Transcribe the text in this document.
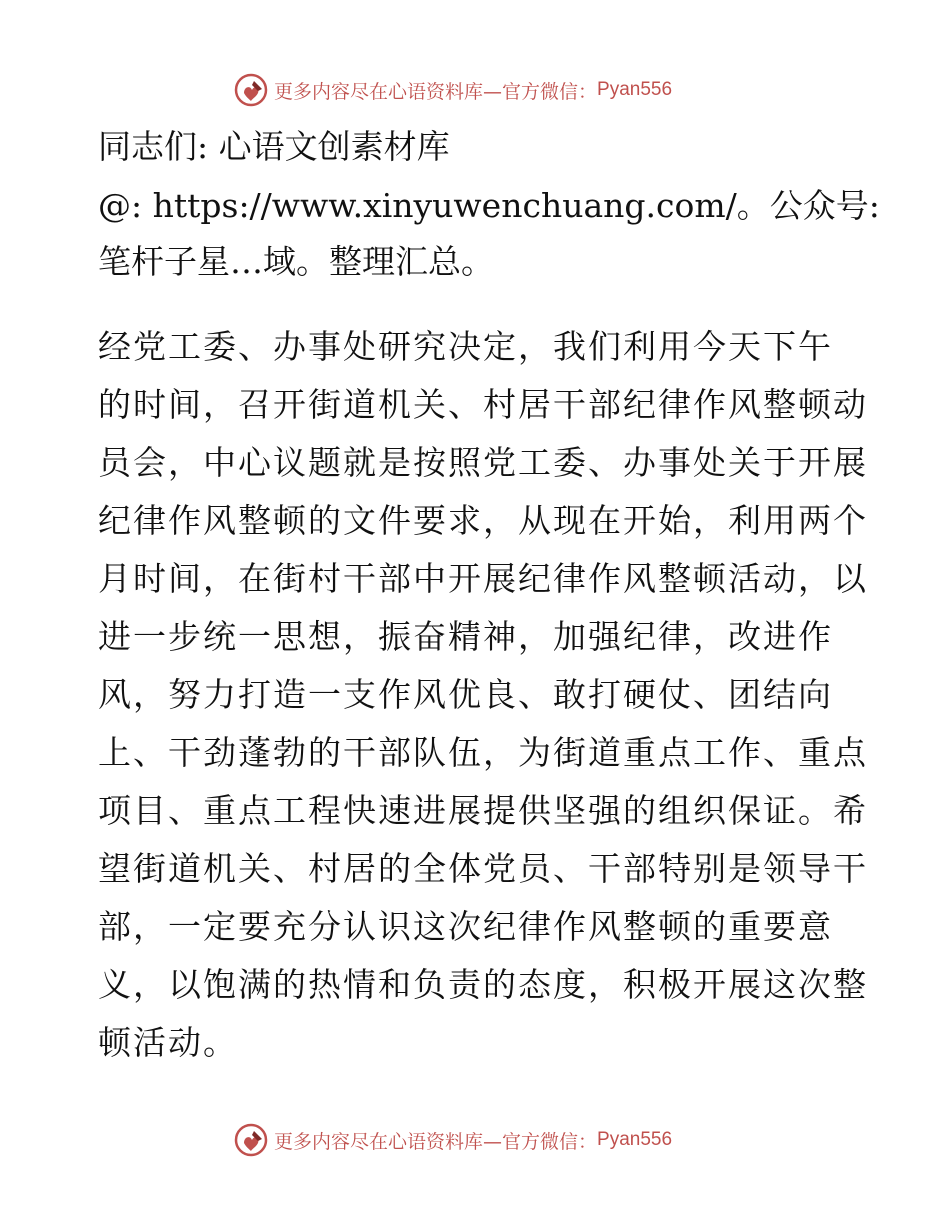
更多内容尽在心语资料库—官方微信： Pyan556
同志们: 心语文创素材库
@: https://www.xinyuwenchuang.com/。公众号:
笔杆子星…域。整理汇总。
经党工委、办事处研究决定，我们利用今天下午
的时间，召开街道机关、村居干部纪律作风整顿动
员会，中心议题就是按照党工委、办事处关于开展
纪律作风整顿的文件要求，从现在开始，利用两个
月时间，在街村干部中开展纪律作风整顿活动，以
进一步统一思想，振奋精神，加强纪律，改进作
风，努力打造一支作风优良、敢打硬仗、团结向
上、干劲蓬勃的干部队伍，为街道重点工作、重点
项目、重点工程快速进展提供坚强的组织保证。希
望街道机关、村居的全体党员、干部特别是领导干
部，一定要充分认识这次纪律作风整顿的重要意
义，以饱满的热情和负责的态度，积极开展这次整
顿活动。
更多内容尽在心语资料库—官方微信： Pyan556
